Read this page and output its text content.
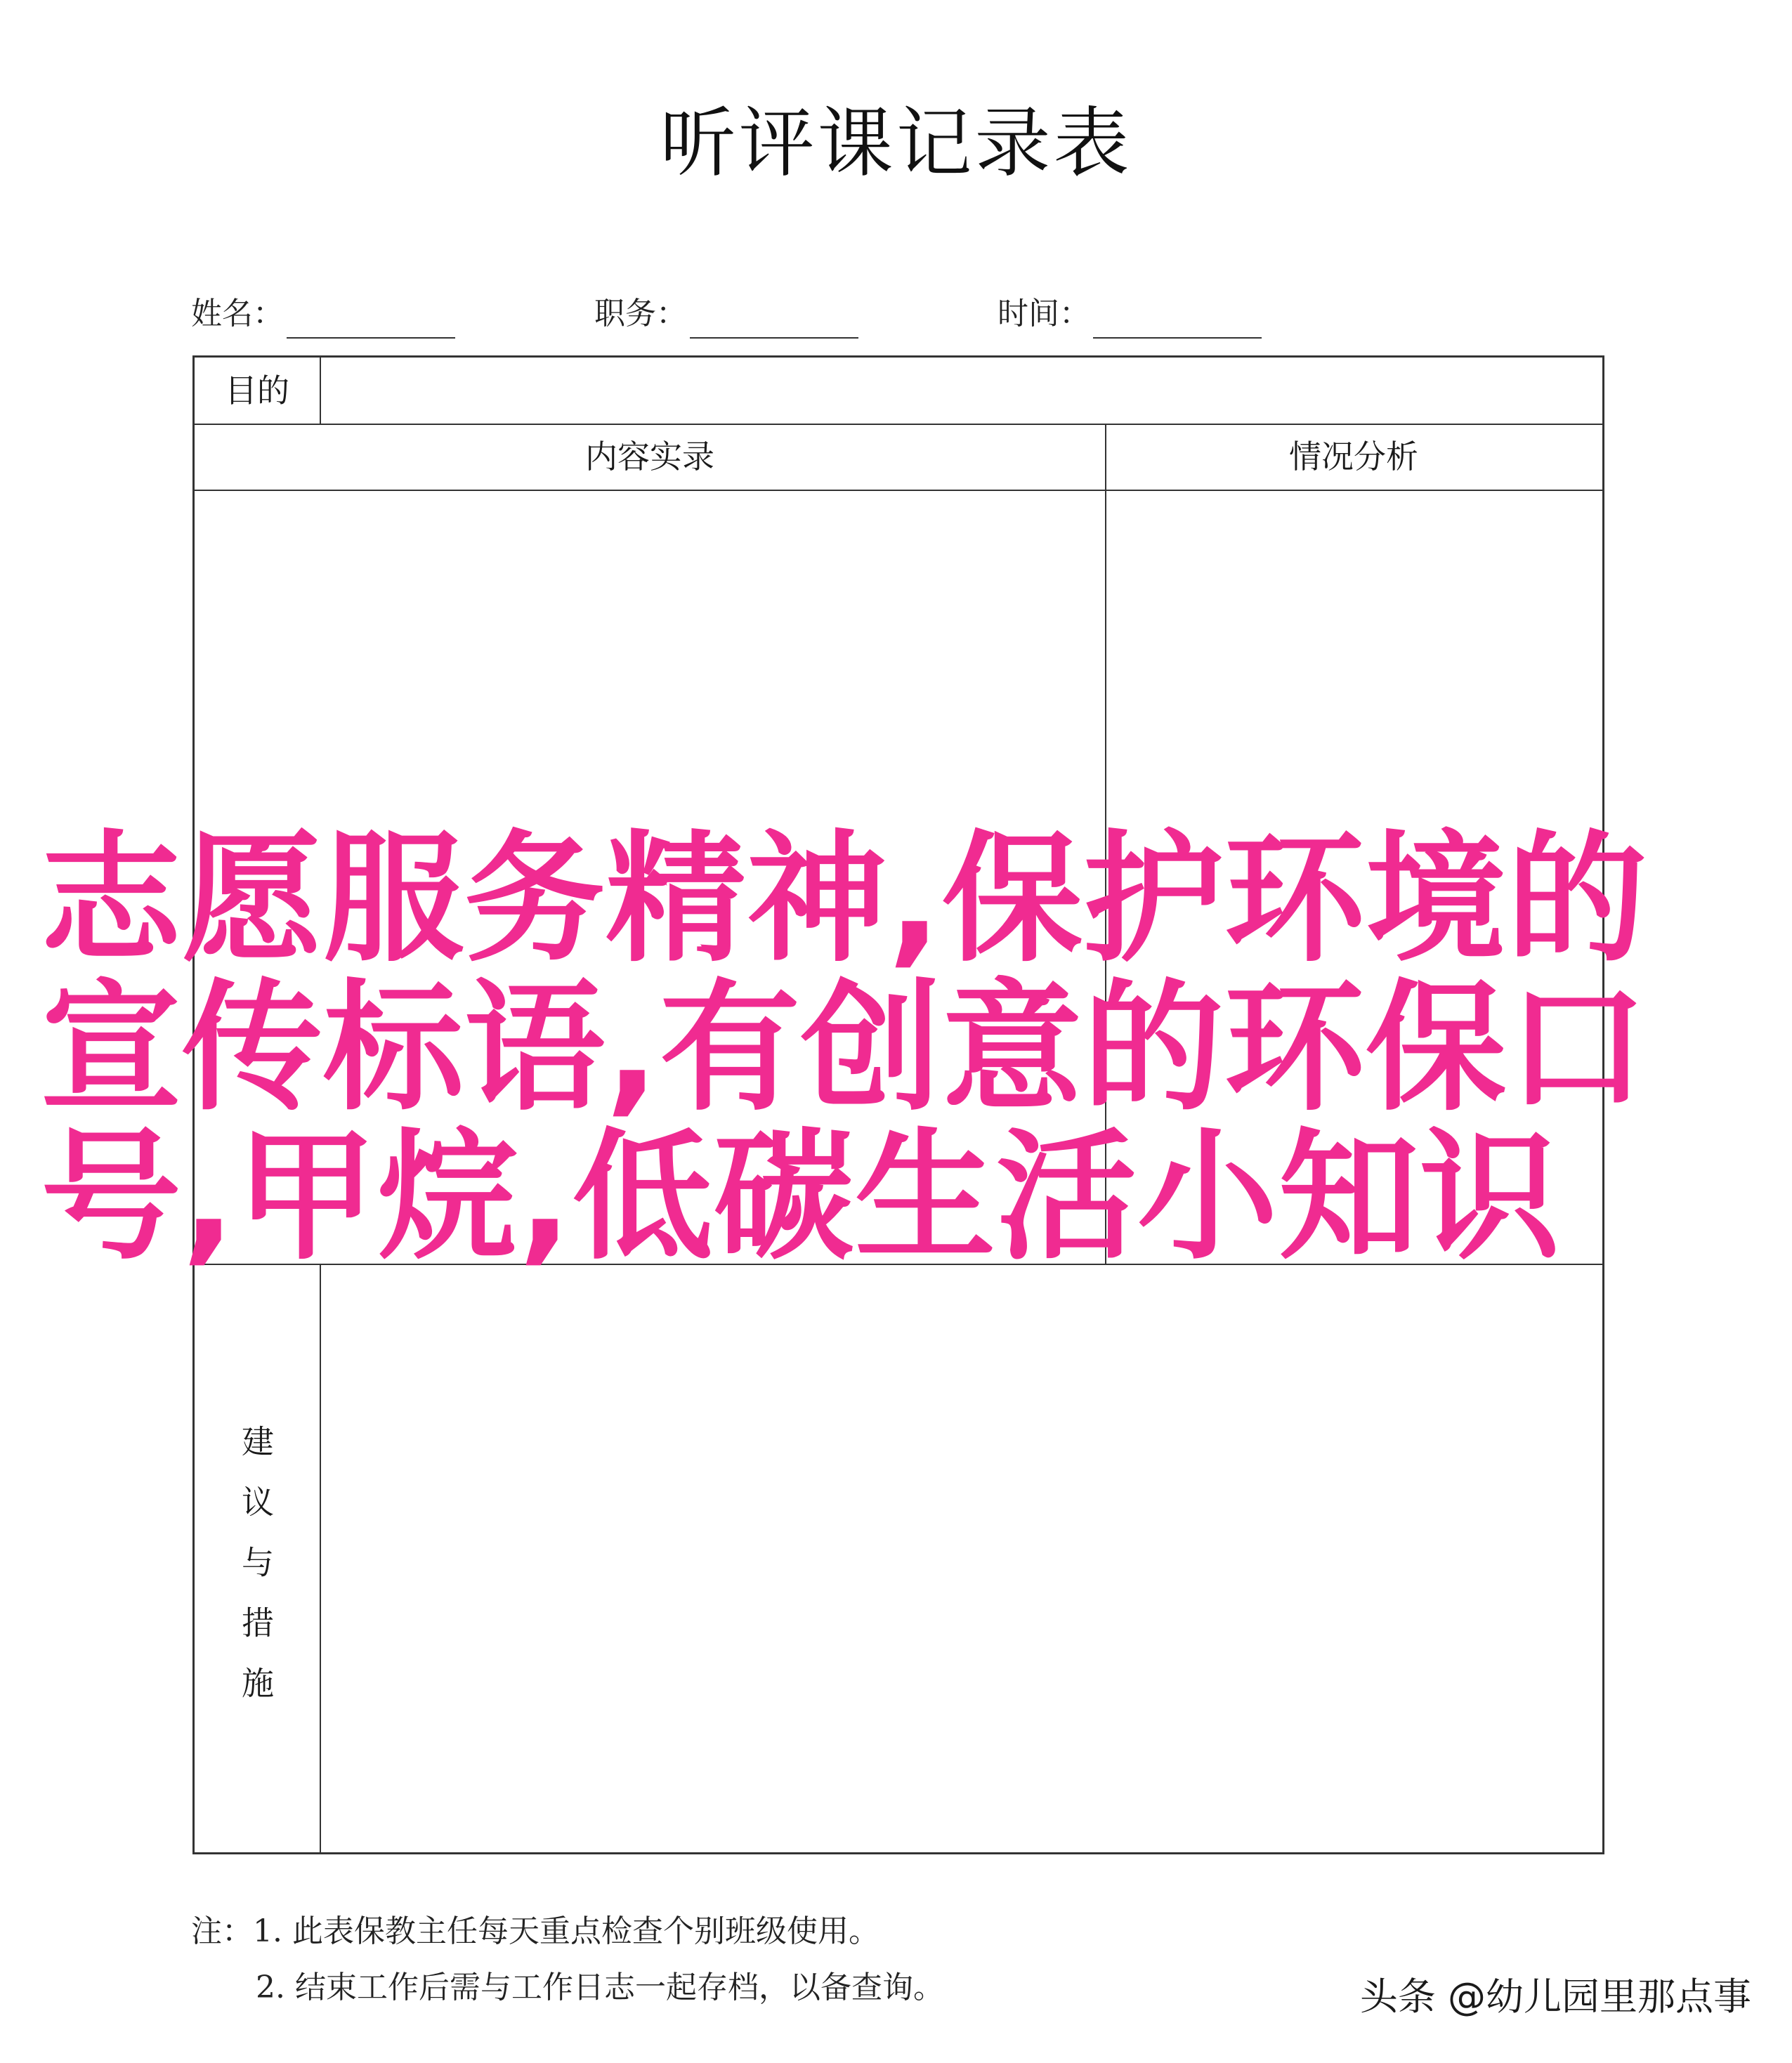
听评课记录表
姓名：	职务：	时间：
目的
内容实录	情况分析
建议与措施
志愿服务精神,保护环境的宣传标语,有创意的环保口号,甲烷,低碳生活小知识
注：1. 此表保教主任每天重点检查个别班级使用。
2. 结束工作后需与工作日志一起存档，以备查询。	头条 @幼儿园里那点事
